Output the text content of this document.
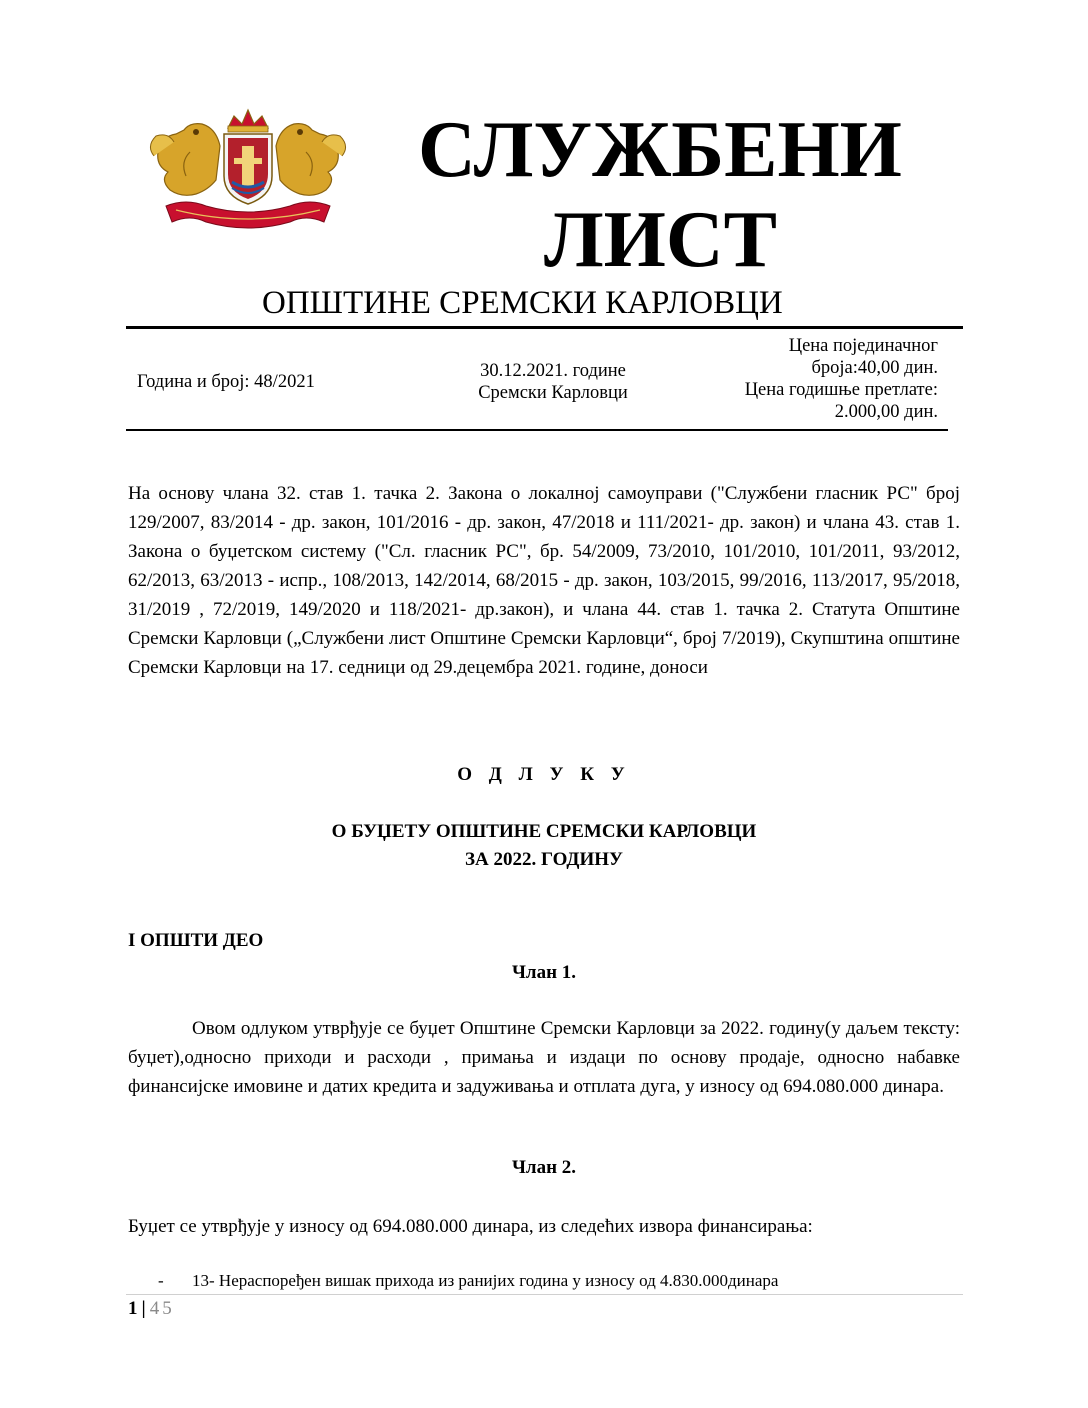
СЛУЖБЕНИ
ЛИСТ
ОПШТИНЕ СРЕМСКИ КАРЛОВЦИ
Година и број: 48/2021
30.12.2021. године
Сремски Карловци
Цена појединачног
броја:40,00 дин.
Цена годишње претлате:
2.000,00 дин.
На основу члана 32. став 1. тачка 2. Закона о локалној самоуправи ("Службени гласник РС" број 129/2007, 83/2014 - др. закон, 101/2016 - др. закон, 47/2018 и 111/2021- др. закон) и члана 43. став 1. Закона о буџетском систему ("Сл. гласник РС", бр. 54/2009, 73/2010, 101/2010, 101/2011, 93/2012, 62/2013, 63/2013 - испр., 108/2013, 142/2014, 68/2015 - др. закон, 103/2015, 99/2016, 113/2017, 95/2018, 31/2019 , 72/2019, 149/2020 и 118/2021- др.закон), и члана 44. став 1. тачка 2. Статута Општине Сремски Карловци („Службени лист Општине Сремски Карловци“, број 7/2019), Скупштина општине Сремски Карловци на 17. седници од 29.децембра 2021. године, доноси
О Д Л У К У
О БУЏЕТУ ОПШТИНЕ СРЕМСКИ КАРЛОВЦИ
ЗА 2022. ГОДИНУ
I ОПШТИ ДЕО
Члан 1.
Овом одлуком утврђује се буџет Општине Сремски Карловци за 2022. годину(у даљем тексту: буџет),односно приходи и расходи , примања и издаци по основу продаје, односно набавке финансијске имовине и датих кредита и задуживања и отплата дуга, у износу од 694.080.000 динара.
Члан 2.
Буџет се утврђује у износу од 694.080.000 динара, из следећих извора финансирања:
- 13- Нераспоређен вишак прихода из ранијих година у износу од 4.830.000динара
1 | 45
